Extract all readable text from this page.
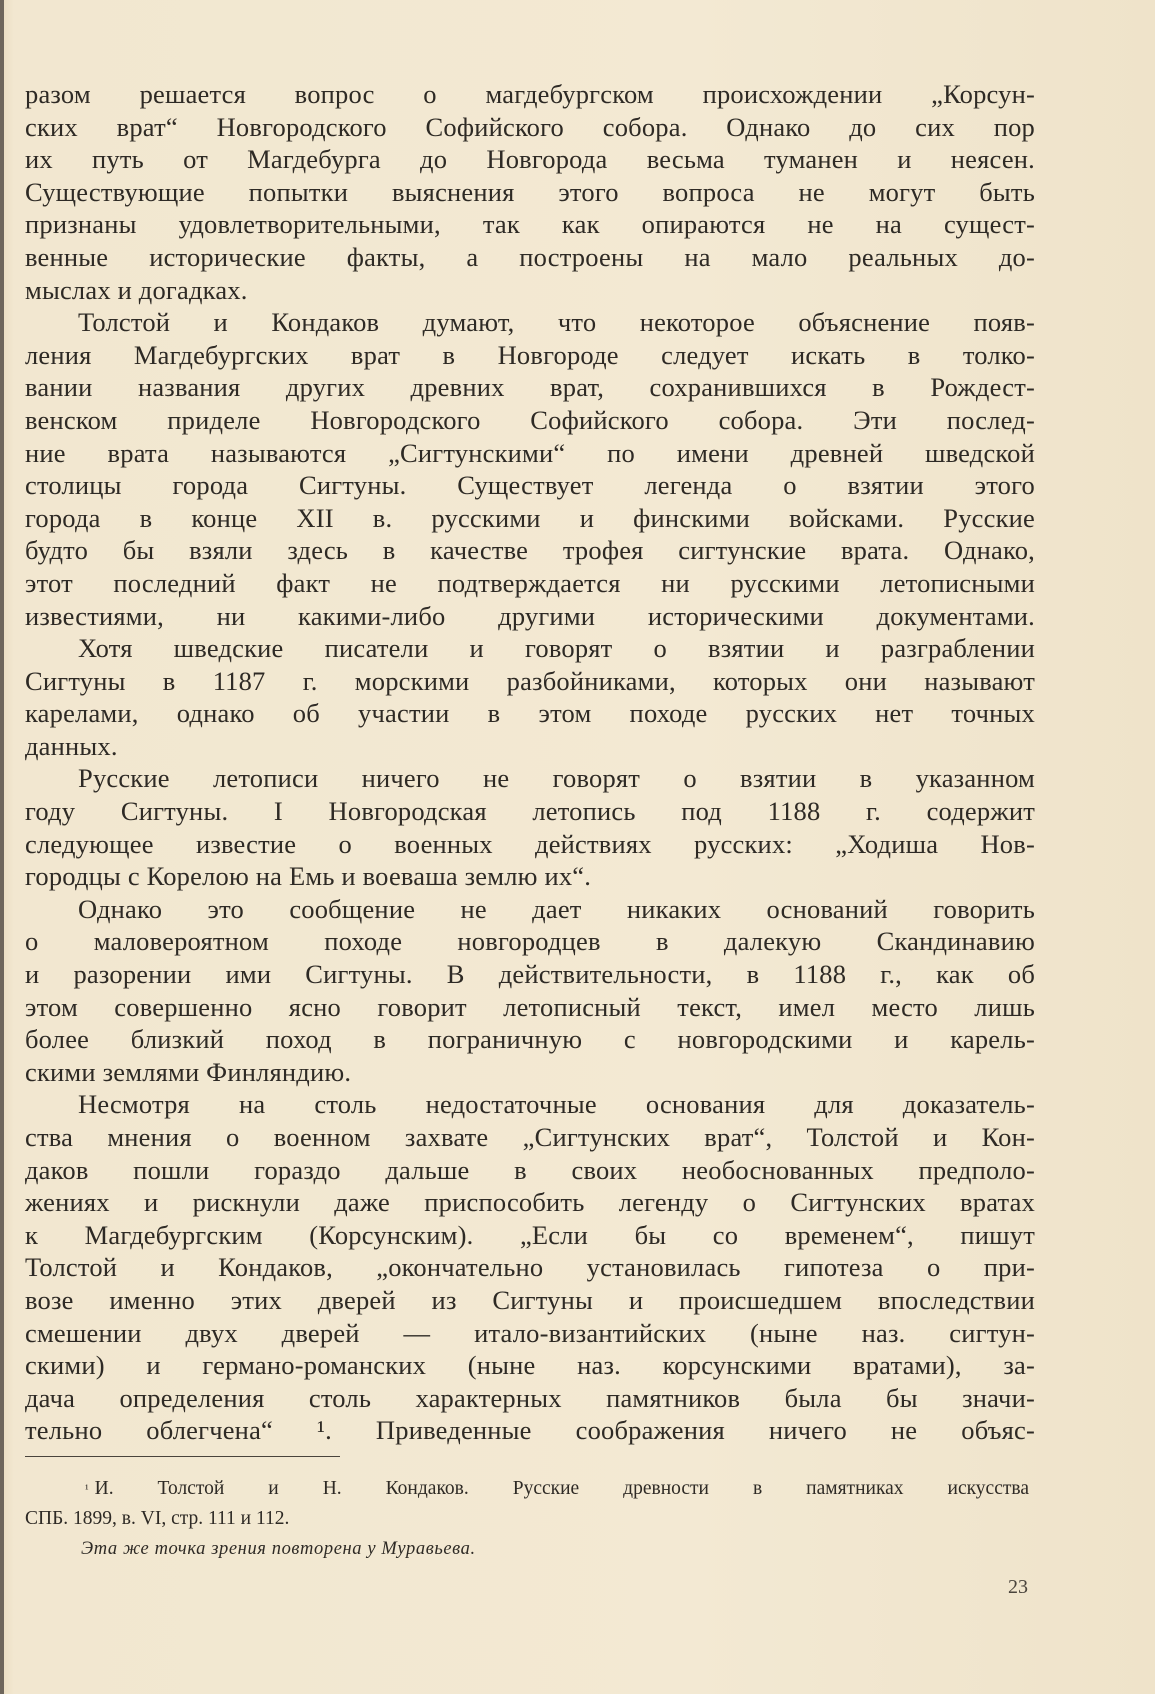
разом решается вопрос о магдебургском происхождении „Корсун-
ских врат“ Новгородского Софийского собора. Однако до сих пор
их путь от Магдебурга до Новгорода весьма туманен и неясен.
Существующие попытки выяснения этого вопроса не могут быть
признаны удовлетворительными, так как опираются не на сущест-
венные исторические факты, а построены на мало реальных до-
мыслах и догадках.
Толстой и Кондаков думают, что некоторое объяснение появ-
ления Магдебургских врат в Новгороде следует искать в толко-
вании названия других древних врат, сохранившихся в Рождест-
венском приделе Новгородского Софийского собора. Эти послед-
ние врата называются „Сигтунскими“ по имени древней шведской
столицы города Сигтуны. Существует легенда о взятии этого
города в конце XII в. русскими и финскими войсками. Русские
будто бы взяли здесь в качестве трофея сигтунские врата. Однако,
этот последний факт не подтверждается ни русскими летописными
известиями, ни какими-либо другими историческими документами.
Хотя шведские писатели и говорят о взятии и разграблении
Сигтуны в 1187 г. морскими разбойниками, которых они называют
карелами, однако об участии в этом походе русских нет точных
данных.
Русские летописи ничего не говорят о взятии в указанном
году Сигтуны. I Новгородская летопись под 1188 г. содержит
следующее известие о военных действиях русских: „Ходиша Нов-
городцы с Корелою на Емь и воеваша землю их“.
Однако это сообщение не дает никаких оснований говорить
о маловероятном походе новгородцев в далекую Скандинавию
и разорении ими Сигтуны. В действительности, в 1188 г., как об
этом совершенно ясно говорит летописный текст, имел место лишь
более близкий поход в пограничную с новгородскими и карель-
скими землями Финляндию.
Несмотря на столь недостаточные основания для доказатель-
ства мнения о военном захвате „Сигтунских врат“, Толстой и Кон-
даков пошли гораздо дальше в своих необоснованных предполо-
жениях и рискнули даже приспособить легенду о Сигтунских вратах
к Магдебургским (Корсунским). „Если бы со временем“, пишут
Толстой и Кондаков, „окончательно установилась гипотеза о при-
возе именно этих дверей из Сигтуны и происшедшем впоследствии
смешении двух дверей — итало-византийских (ныне наз. сигтун-
скими) и германо-романских (ныне наз. корсунскими вратами), за-
дача определения столь характерных памятников была бы значи-
тельно облегчена“ ¹. Приведенные соображения ничего не объяс-
$^{^1}$ И. Толстой и Н. Кондаков. Русские древности в памятниках искусства
СПБ. 1899, в. VI, стр. 111 и 112.
Эта же точка зрения повторена у Муравьева.
23
